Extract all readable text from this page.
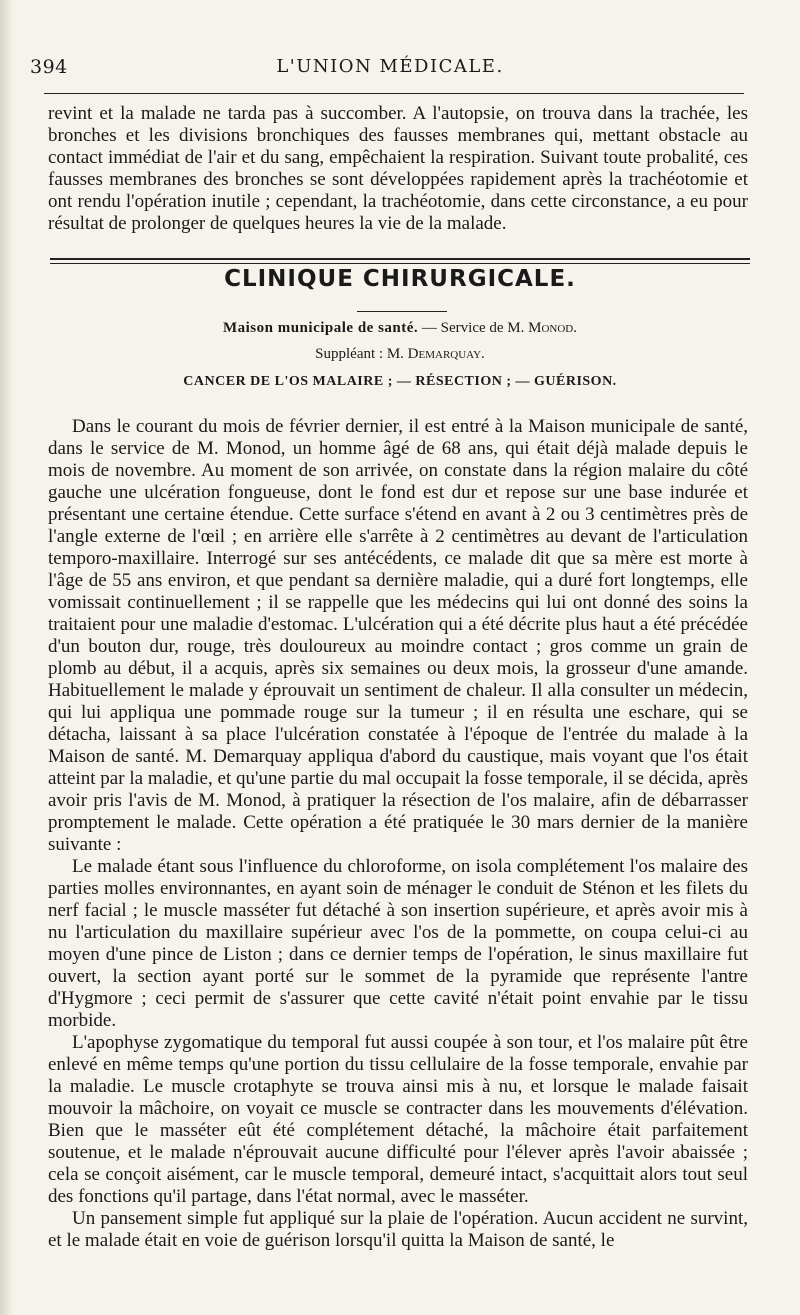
394	L'UNION MÉDICALE.

revint et la malade ne tarda pas à succomber. A l'autopsie, on trouva dans la trachée, les bronches et les divisions bronchiques des fausses membranes qui, mettant obstacle au contact immédiat de l'air et du sang, empêchaient la respiration. Suivant toute probalité, ces fausses membranes des bronches se sont développées rapidement après la trachéotomie et ont rendu l'opération inutile ; cependant, la trachéotomie, dans cette circonstance, a eu pour résultat de prolonger de quelques heures la vie de la malade.

CLINIQUE CHIRURGICALE.
Maison municipale de santé. — Service de M. Monod.
Suppléant : M. Demarquay.
CANCER DE L'OS MALAIRE ; — RÉSECTION ; — GUÉRISON.

Dans le courant du mois de février dernier, il est entré à la Maison municipale de santé, dans le service de M. Monod, un homme âgé de 68 ans, qui était déjà malade depuis le mois de novembre. Au moment de son arrivée, on constate dans la région malaire du côté gauche une ulcération fongueuse, dont le fond est dur et repose sur une base indurée et présentant une certaine étendue. Cette surface s'étend en avant à 2 ou 3 centimètres près de l'angle externe de l'œil ; en arrière elle s'arrête à 2 centimètres au devant de l'articulation temporo-maxillaire. Interrogé sur ses antécédents, ce malade dit que sa mère est morte à l'âge de 55 ans environ, et que pendant sa dernière maladie, qui a duré fort longtemps, elle vomissait continuellement ; il se rappelle que les médecins qui lui ont donné des soins la traitaient pour une maladie d'estomac. L'ulcération qui a été décrite plus haut a été précédée d'un bouton dur, rouge, très douloureux au moindre contact ; gros comme un grain de plomb au début, il a acquis, après six semaines ou deux mois, la grosseur d'une amande. Habituellement le malade y éprouvait un sentiment de chaleur. Il alla consulter un médecin, qui lui appliqua une pommade rouge sur la tumeur ; il en résulta une eschare, qui se détacha, laissant à sa place l'ulcération constatée à l'époque de l'entrée du malade à la Maison de santé. M. Demarquay appliqua d'abord du caustique, mais voyant que l'os était atteint par la maladie, et qu'une partie du mal occupait la fosse temporale, il se décida, après avoir pris l'avis de M. Monod, à pratiquer la résection de l'os malaire, afin de débarrasser promptement le malade. Cette opération a été pratiquée le 30 mars dernier de la manière suivante :

Le malade étant sous l'influence du chloroforme, on isola complétement l'os malaire des parties molles environnantes, en ayant soin de ménager le conduit de Sténon et les filets du nerf facial ; le muscle masséter fut détaché à son insertion supérieure, et après avoir mis à nu l'articulation du maxillaire supérieur avec l'os de la pommette, on coupa celui-ci au moyen d'une pince de Liston ; dans ce dernier temps de l'opération, le sinus maxillaire fut ouvert, la section ayant porté sur le sommet de la pyramide que représente l'antre d'Hygmore ; ceci permit de s'assurer que cette cavité n'était point envahie par le tissu morbide.

L'apophyse zygomatique du temporal fut aussi coupée à son tour, et l'os malaire pût être enlevé en même temps qu'une portion du tissu cellulaire de la fosse temporale, envahie par la maladie. Le muscle crotaphyte se trouva ainsi mis à nu, et lorsque le malade faisait mouvoir la mâchoire, on voyait ce muscle se contracter dans les mouvements d'élévation. Bien que le masséter eût été complétement détaché, la mâchoire était parfaitement soutenue, et le malade n'éprouvait aucune difficulté pour l'élever après l'avoir abaissée ; cela se conçoit aisément, car le muscle temporal, demeuré intact, s'acquittait alors tout seul des fonctions qu'il partage, dans l'état normal, avec le masséter.

Un pansement simple fut appliqué sur la plaie de l'opération. Aucun accident ne survint, et le malade était en voie de guérison lorsqu'il quitta la Maison de santé, le
